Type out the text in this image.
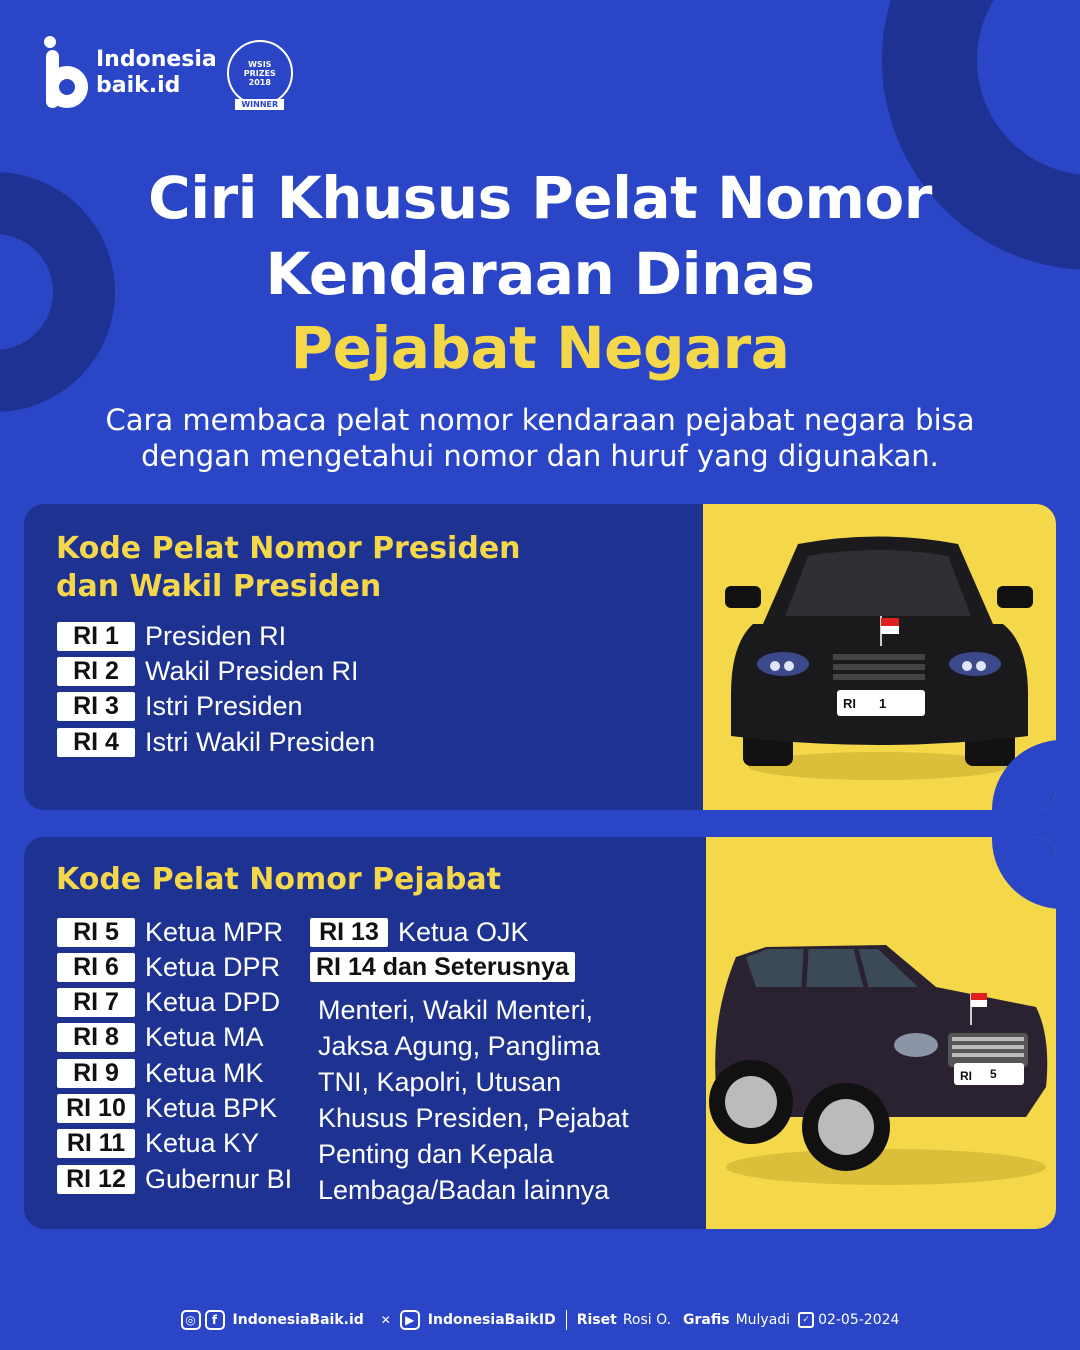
Indonesia
baik.id
WSIS
PRIZES
2018
WINNER
Ciri Khusus Pelat Nomor
Kendaraan Dinas
Pejabat Negara
Cara membaca pelat nomor kendaraan pejabat negara bisa
dengan mengetahui nomor dan huruf yang digunakan.
RI 1
Kode Pelat Nomor Presiden
dan Wakil Presiden
RI 1 Presiden RI
RI 2 Wakil Presiden RI
RI 3 Istri Presiden
RI 4 Istri Wakil Presiden
RI 5
Kode Pelat Nomor Pejabat
RI 5 Ketua MPR
RI 6 Ketua DPR
RI 7 Ketua DPD
RI 8 Ketua MA
RI 9 Ketua MK
RI 10 Ketua BPK
RI 11 Ketua KY
RI 12 Gubernur BI
RI 13 Ketua OJK
RI 14 dan Seterusnya
Menteri, Wakil Menteri,
Jaksa Agung, Panglima
TNI, Kapolri, Utusan
Khusus Presiden, Pejabat
Penting dan Kepala
Lembaga/Badan lainnya
◎	f	IndonesiaBaik.id	✕	▶ IndonesiaBaikID Riset Rosi O. Grafis Mulyadi	✓ 02-05-2024
